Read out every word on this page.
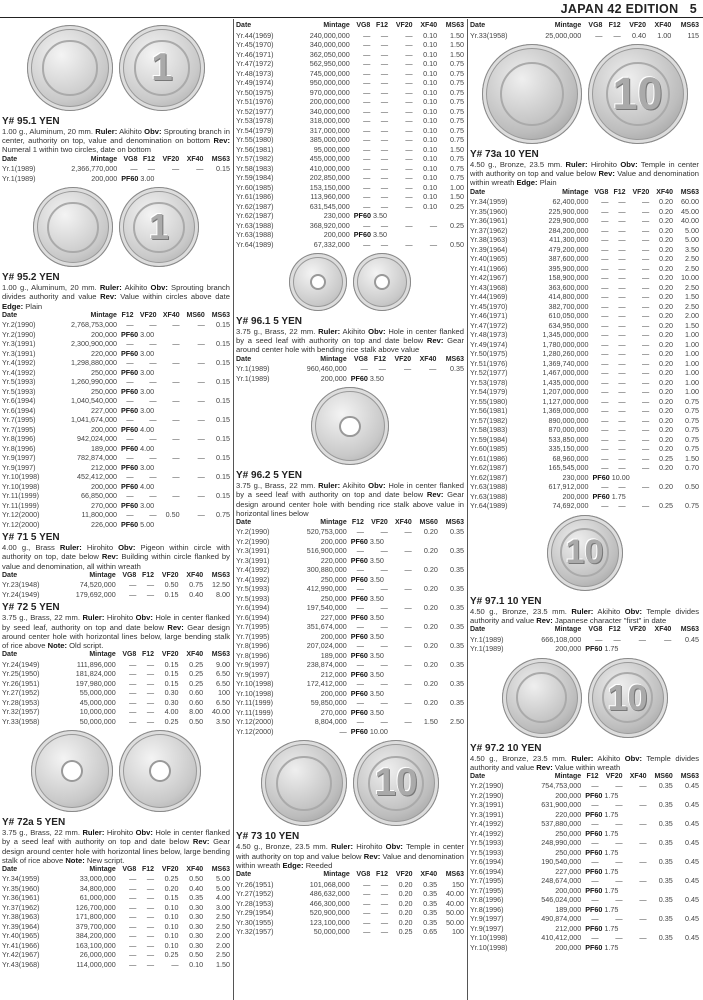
JAPAN 42 EDITION 5
1
Y# 95.1 YEN

1.00 g., Aluminum, 20 mm. Ruler: Akihito Obv: Sprouting branch in center, authority on top, value and denomination on bottom Rev: Numeral 1 within two circles, date on bottom

Date	Mintage	VG8	F12	VF20	XF40	MS63
Yr.1(1989)	2,366,770,000	—	—	—	—	0.15
Yr.1(1989)	200,000	PF60 3.00				
1
Y# 95.2 YEN

1.00 g., Aluminum, 20 mm. Ruler: Akihito Obv: Sprouting branch divides authority and value Rev: Value within circles above date Edge: Plain

Date	Mintage	F12	VF20	XF40	MS60	MS63
Yr.2(1990)	2,768,753,000	—	—	—	—	0.15
Yr.2(1990)	200,000	PF60 3.00				
Yr.3(1991)	2,300,900,000	—	—	—	—	0.15
Yr.3(1991)	220,000	PF60 3.00				
Yr.4(1992)	1,298,880,000	—	—	—	—	0.15
Yr.4(1992)	250,000	PF60 3.00				
Yr.5(1993)	1,260,990,000	—	—	—	—	0.15
Yr.5(1993)	250,000	PF60 3.00				
Yr.6(1994)	1,040,540,000	—	—	—	—	0.15
Yr.6(1994)	227,000	PF60 3.00				
Yr.7(1995)	1,041,674,000	—	—	—	—	0.15
Yr.7(1995)	200,000	PF60 4.00				
Yr.8(1996)	942,024,000	—	—	—	—	0.15
Yr.8(1996)	189,000	PF60 4.00				
Yr.9(1997)	782,874,000	—	—	—	—	0.15
Yr.9(1997)	212,000	PF60 3.00				
Yr.10(1998)	452,412,000	—	—	—	—	0.15
Yr.10(1998)	200,000	PF60 4.00				
Yr.11(1999)	66,850,000	—	—	—	—	0.15
Yr.11(1999)	270,000	PF60 3.00				
Yr.12(2000)	11,800,000	—	—	0.50	—	0.75
Yr.12(2000)	226,000	PF60 5.00				
Y# 71 5 YEN

4.00 g., Brass Ruler: Hirohito Obv: Pigeon within circle with authority on top, date below Rev: Building within circle flanked by value and denomination, all within wreath

Date	Mintage	VG8	F12	VF20	XF40	MS63
Yr.23(1948)	74,520,000	—	—	0.50	0.75	12.50
Yr.24(1949)	179,692,000	—	—	0.15	0.40	8.00
Y# 72 5 YEN

3.75 g., Brass, 22 mm. Ruler: Hirohito Obv: Hole in center flanked by seed leaf, authority on top and date below Rev: Gear design around center hole with horizontal lines below, large bending stalk of rice above Note: Old script.

Date	Mintage	VG8	F12	VF20	XF40	MS63
Yr.24(1949)	111,896,000	—	—	0.15	0.25	9.00
Yr.25(1950)	181,824,000	—	—	0.15	0.25	6.50
Yr.26(1951)	197,980,000	—	—	0.15	0.25	6.50
Yr.27(1952)	55,000,000	—	—	0.30	0.60	100
Yr.28(1953)	45,000,000	—	—	0.30	0.60	6.50
Yr.32(1957)	10,000,000	—	—	4.00	8.00	40.00
Yr.33(1958)	50,000,000	—	—	0.25	0.50	3.50
Y# 72a 5 YEN

3.75 g., Brass, 22 mm. Ruler: Hirohito Obv: Hole in center flanked by a seed leaf with authority on top and date below Rev: Gear design around center hole with horizontal lines below, large bending stalk of rice above Note: New script.

Date	Mintage	VG8	F12	VF20	XF40	MS63
Yr.34(1959)	33,000,000	—	—	0.25	0.50	5.00
Yr.35(1960)	34,800,000	—	—	0.20	0.40	5.00
Yr.36(1961)	61,000,000	—	—	0.15	0.35	4.00
Yr.37(1962)	126,700,000	—	—	0.10	0.30	3.00
Yr.38(1963)	171,800,000	—	—	0.10	0.30	2.50
Yr.39(1964)	379,700,000	—	—	0.10	0.30	2.50
Yr.40(1965)	384,200,000	—	—	0.10	0.30	2.00
Yr.41(1966)	163,100,000	—	—	0.10	0.30	2.00
Yr.42(1967)	26,000,000	—	—	0.25	0.50	2.50
Yr.43(1968)	114,000,000	—	—	—	0.10	1.50
Date	Mintage	VG8	F12	VF20	XF40	MS63
Yr.44(1969)	240,000,000	—	—	—	0.10	1.50
Yr.45(1970)	340,000,000	—	—	—	0.10	1.50
Yr.46(1971)	362,050,000	—	—	—	0.10	1.50
Yr.47(1972)	562,950,000	—	—	—	0.10	0.75
Yr.48(1973)	745,000,000	—	—	—	0.10	0.75
Yr.49(1974)	950,000,000	—	—	—	0.10	0.75
Yr.50(1975)	970,000,000	—	—	—	0.10	0.75
Yr.51(1976)	200,000,000	—	—	—	0.10	0.75
Yr.52(1977)	340,000,000	—	—	—	0.10	0.75
Yr.53(1978)	318,000,000	—	—	—	0.10	0.75
Yr.54(1979)	317,000,000	—	—	—	0.10	0.75
Yr.55(1980)	385,000,000	—	—	—	0.10	0.75
Yr.56(1981)	95,000,000	—	—	—	0.10	1.50
Yr.57(1982)	455,000,000	—	—	—	0.10	0.75
Yr.58(1983)	410,000,000	—	—	—	0.10	0.75
Yr.59(1984)	202,850,000	—	—	—	0.10	0.75
Yr.60(1985)	153,150,000	—	—	—	0.10	1.00
Yr.61(1986)	113,960,000	—	—	—	0.10	1.50
Yr.62(1987)	631,545,000	—	—	—	0.10	0.25
Yr.62(1987)	230,000	PF60 3.50				
Yr.63(1988)	368,920,000	—	—	—	—	0.25
Yr.63(1988)	200,000	PF60 3.50				
Yr.64(1989)	67,332,000	—	—	—	—	0.50
Y# 96.1 5 YEN

3.75 g., Brass, 22 mm. Ruler: Akihito Obv: Hole in center flanked by a seed leaf with authority on top and date below Rev: Gear around center hole with bending rice stalk above value

Date	Mintage	VG8	F12	VF20	XF40	MS63
Yr.1(1989)	960,460,000	—	—	—	—	0.35
Yr.1(1989)	200,000	PF60 3.50				
Y# 96.2 5 YEN

3.75 g., Brass, 22 mm. Ruler: Akihito Obv: Hole in center flanked by a seed leaf with authority on top and date below Rev: Gear design around center hole with bending rice stalk above value in horizontal lines below

Date	Mintage	F12	VF20	XF40	MS60	MS63
Yr.2(1990)	520,753,000	—	—	—	0.20	0.35
Yr.2(1990)	200,000	PF60 3.50				
Yr.3(1991)	516,900,000	—	—	—	0.20	0.35
Yr.3(1991)	220,000	PF60 3.50				
Yr.4(1992)	300,880,000	—	—	—	0.20	0.35
Yr.4(1992)	250,000	PF60 3.50				
Yr.5(1993)	412,990,000	—	—	—	0.20	0.35
Yr.5(1993)	250,000	PF60 3.50				
Yr.6(1994)	197,540,000	—	—	—	0.20	0.35
Yr.6(1994)	227,000	PF60 3.50				
Yr.7(1995)	351,674,000	—	—	—	0.20	0.35
Yr.7(1995)	200,000	PF60 3.50				
Yr.8(1996)	207,024,000	—	—	—	0.20	0.35
Yr.8(1996)	189,000	PF60 3.50				
Yr.9(1997)	238,874,000	—	—	—	0.20	0.35
Yr.9(1997)	212,000	PF60 3.50				
Yr.10(1998)	172,412,000	—	—	—	0.20	0.35
Yr.10(1998)	200,000	PF60 3.50				
Yr.11(1999)	59,850,000	—	—	—	0.20	0.35
Yr.11(1999)	270,000	PF60 3.50				
Yr.12(2000)	8,804,000	—	—	—	1.50	2.50
Yr.12(2000)	—	PF60 10.00				
10
Y# 73 10 YEN

4.50 g., Bronze, 23.5 mm. Ruler: Hirohito Obv: Temple in center with authority on top and value below Rev: Value and denomination within wreath Edge: Reeded

Date	Mintage	VG8	F12	VF20	XF40	MS63
Yr.26(1951)	101,068,000	—	—	0.20	0.35	150
Yr.27(1952)	486,632,000	—	—	0.20	0.35	40.00
Yr.28(1953)	466,300,000	—	—	0.20	0.35	40.00
Yr.29(1954)	520,900,000	—	—	0.20	0.35	50.00
Yr.30(1955)	123,100,000	—	—	0.20	0.35	50.00
Yr.32(1957)	50,000,000	—	—	0.25	0.65	100
Date	Mintage	VG8	F12	VF20	XF40	MS63
Yr.33(1958)	25,000,000	—	—	0.40	1.00	115
10
Y# 73a 10 YEN

4.50 g., Bronze, 23.5 mm. Ruler: Hirohito Obv: Temple in center with authority on top and value below Rev: Value and denomination within wreath Edge: Plain

Date	Mintage	VG8	F12	VF20	XF40	MS63
Yr.34(1959)	62,400,000	—	—	—	0.20	60.00
Yr.35(1960)	225,900,000	—	—	—	0.20	45.00
Yr.36(1961)	229,900,000	—	—	—	0.20	40.00
Yr.37(1962)	284,200,000	—	—	—	0.20	5.00
Yr.38(1963)	411,300,000	—	—	—	0.20	5.00
Yr.39(1964)	479,200,000	—	—	—	0.20	3.50
Yr.40(1965)	387,600,000	—	—	—	0.20	2.50
Yr.41(1966)	395,900,000	—	—	—	0.20	2.50
Yr.42(1967)	158,900,000	—	—	—	0.20	10.00
Yr.43(1968)	363,600,000	—	—	—	0.20	2.50
Yr.44(1969)	414,800,000	—	—	—	0.20	1.50
Yr.45(1970)	382,700,000	—	—	—	0.20	2.50
Yr.46(1971)	610,050,000	—	—	—	0.20	2.00
Yr.47(1972)	634,950,000	—	—	—	0.20	1.50
Yr.48(1973)	1,345,000,000	—	—	—	0.20	1.00
Yr.49(1974)	1,780,000,000	—	—	—	0.20	1.00
Yr.50(1975)	1,280,260,000	—	—	—	0.20	1.00
Yr.51(1976)	1,369,740,000	—	—	—	0.20	1.00
Yr.52(1977)	1,467,000,000	—	—	—	0.20	1.00
Yr.53(1978)	1,435,000,000	—	—	—	0.20	1.00
Yr.54(1979)	1,207,000,000	—	—	—	0.20	1.00
Yr.55(1980)	1,127,000,000	—	—	—	0.20	0.75
Yr.56(1981)	1,369,000,000	—	—	—	0.20	0.75
Yr.57(1982)	890,000,000	—	—	—	0.20	0.75
Yr.58(1983)	870,000,000	—	—	—	0.20	0.75
Yr.59(1984)	533,850,000	—	—	—	0.20	0.75
Yr.60(1985)	335,150,000	—	—	—	0.20	0.75
Yr.61(1986)	68,960,000	—	—	—	0.25	1.50
Yr.62(1987)	165,545,000	—	—	—	0.20	0.70
Yr.62(1987)	230,000	PF60 10.00				
Yr.63(1988)	617,912,000	—	—	—	0.20	0.50
Yr.63(1988)	200,000	PF60 1.75				
Yr.64(1989)	74,692,000	—	—	—	0.25	0.75
10
Y# 97.1 10 YEN

4.50 g., Bronze, 23.5 mm. Ruler: Akihito Obv: Temple divides authority and value Rev: Japanese character "first" in date

Date	Mintage	VG8	F12	VF20	XF40	MS63
Yr.1(1989)	666,108,000	—	—	—	—	0.45
Yr.1(1989)	200,000	PF60 1.75				
10
Y# 97.2 10 YEN

4.50 g., Bronze, 23.5 mm. Ruler: Akihito Obv: Temple divides authority and value Rev: Value within wreath

Date	Mintage	F12	VF20	XF40	MS60	MS63
Yr.2(1990)	754,753,000	—	—	—	0.35	0.45
Yr.2(1990)	200,000	PF60 1.75				
Yr.3(1991)	631,900,000	—	—	—	0.35	0.45
Yr.3(1991)	220,000	PF60 1.75				
Yr.4(1992)	537,880,000	—	—	—	0.35	0.45
Yr.4(1992)	250,000	PF60 1.75				
Yr.5(1993)	248,990,000	—	—	—	0.35	0.45
Yr.5(1993)	250,000	PF60 1.75				
Yr.6(1994)	190,540,000	—	—	—	0.35	0.45
Yr.6(1994)	227,000	PF60 1.75				
Yr.7(1995)	248,674,000	—	—	—	0.35	0.45
Yr.7(1995)	200,000	PF60 1.75				
Yr.8(1996)	546,024,000	—	—	—	0.35	0.45
Yr.8(1996)	189,000	PF60 1.75				
Yr.9(1997)	490,874,000	—	—	—	0.35	0.45
Yr.9(1997)	212,000	PF60 1.75				
Yr.10(1998)	410,412,000	—	—	—	0.35	0.45
Yr.10(1998)	200,000	PF60 1.75				
